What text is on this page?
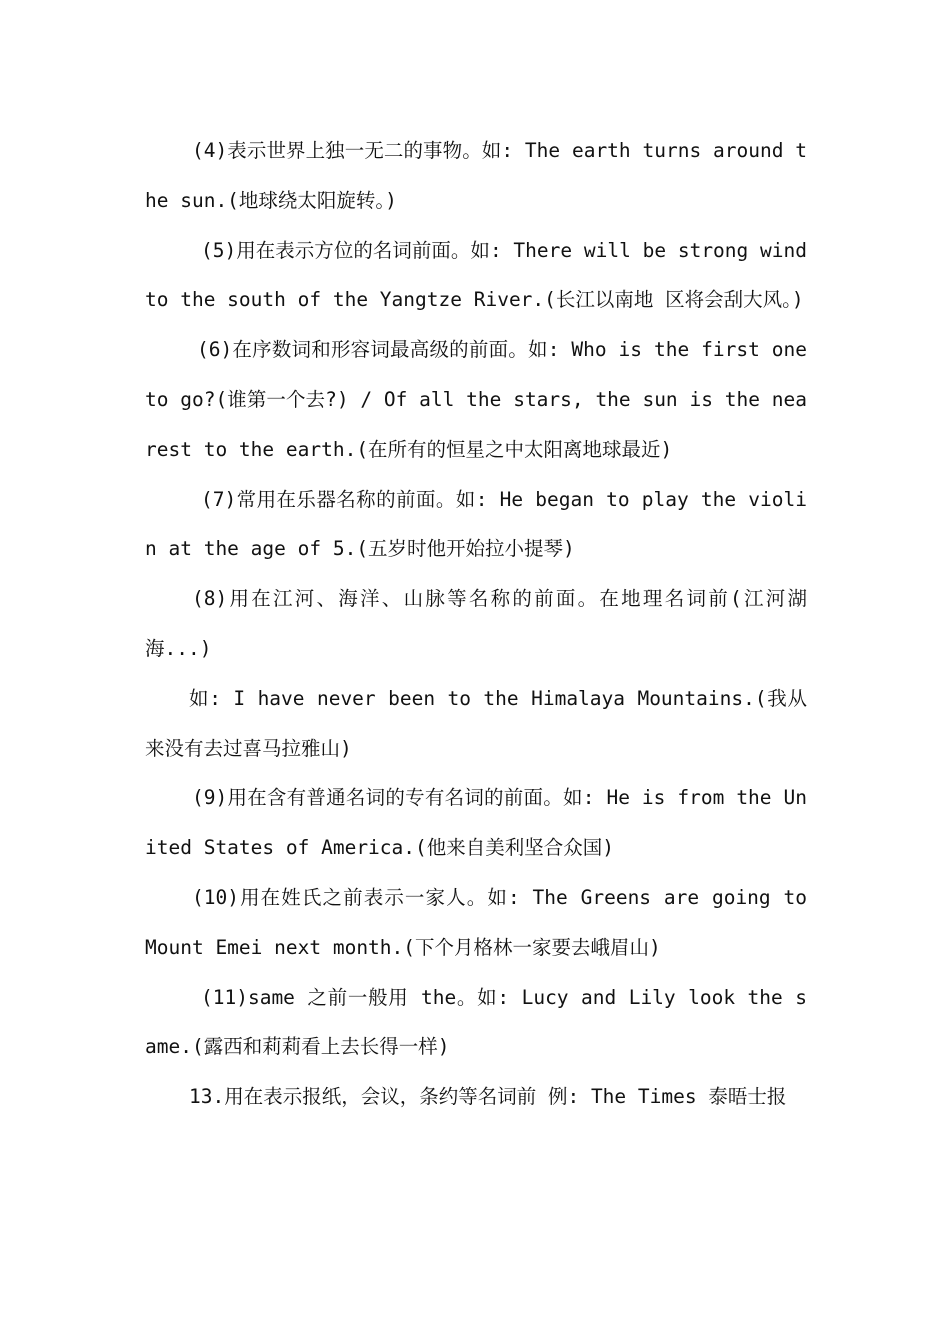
(4)表示世界上独一无二的事物。如: The earth turns around the sun.(地球绕太阳旋转。)

(5)用在表示方位的名词前面。如: There will be strong wind to the south of the Yangtze River.(长江以南地 区将会刮大风。)

(6)在序数词和形容词最高级的前面。如: Who is the first one to go?(谁第一个去?) / Of all the stars, the sun is the nearest to the earth.(在所有的恒星之中太阳离地球最近)

(7)常用在乐器名称的前面。如: He began to play the violin at the age of 5.(五岁时他开始拉小提琴)

(8)用在江河、海洋、山脉等名称的前面。在地理名词前(江河湖海...)

如: I have never been to the Himalaya Mountains.(我从来没有去过喜马拉雅山)

(9)用在含有普通名词的专有名词的前面。如: He is from the United States of America.(他来自美利坚合众国)

(10)用在姓氏之前表示一家人。如: The Greens are going to Mount Emei next month.(下个月格林一家要去峨眉山)

(11)same 之前一般用 the。如: Lucy and Lily look the same.(露西和莉莉看上去长得一样)

13.用在表示报纸，会议，条约等名词前 例: The Times 泰晤士报
